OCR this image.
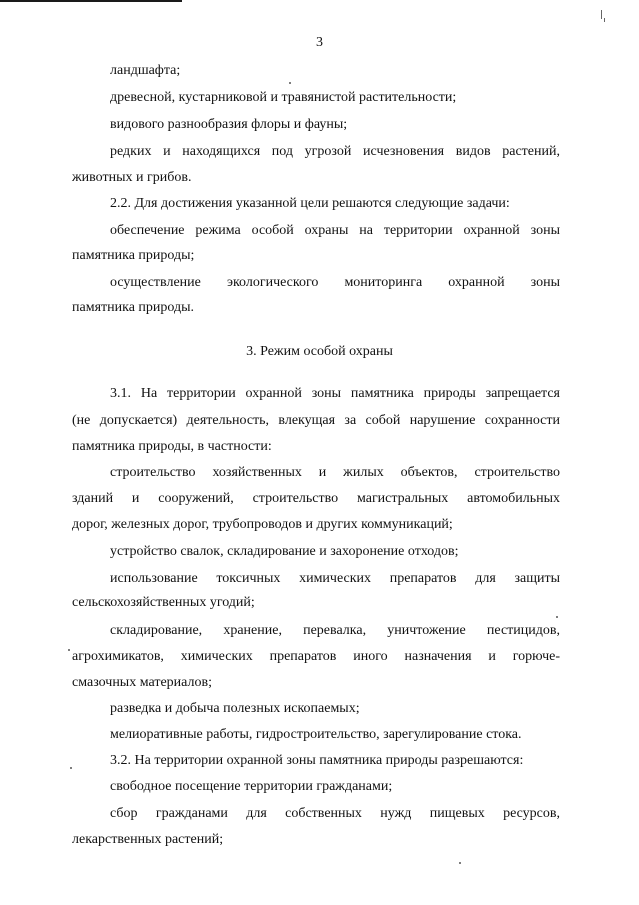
3
ландшафта;
древесной, кустарниковой и травянистой растительности;
видового разнообразия флоры и фауны;
редких и находящихся под угрозой исчезновения видов растений,
животных и грибов.
2.2. Для достижения указанной цели решаются следующие задачи:
обеспечение режима особой охраны на территории охранной зоны
памятника природы;
осуществление экологического мониторинга охранной зоны
памятника природы.
3. Режим особой охраны
3.1. На территории охранной зоны памятника природы запрещается
(не допускается) деятельность, влекущая за собой нарушение сохранности
памятника природы, в частности:
строительство хозяйственных и жилых объектов, строительство
зданий и сооружений, строительство магистральных автомобильных
дорог, железных дорог, трубопроводов и других коммуникаций;
устройство свалок, складирование и захоронение отходов;
использование токсичных химических препаратов для защиты
сельскохозяйственных угодий;
складирование, хранение, перевалка, уничтожение пестицидов,
агрохимикатов, химических препаратов иного назначения и горюче-
смазочных материалов;
разведка и добыча полезных ископаемых;
мелиоративные работы, гидростроительство, зарегулирование стока.
3.2. На территории охранной зоны памятника природы разрешаются:
свободное посещение территории гражданами;
сбор гражданами для собственных нужд пищевых ресурсов,
лекарственных растений;
